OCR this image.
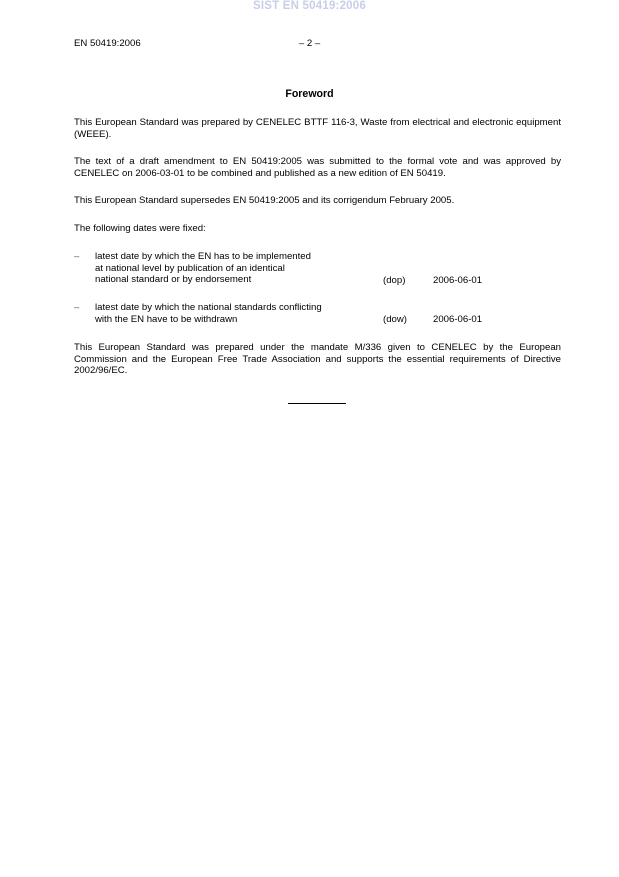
SIST EN 50419:2006
EN 50419:2006	– 2 –
Foreword

This European Standard was prepared by CENELEC BTTF 116-3, Waste from electrical and electronic equipment (WEEE).

The text of a draft amendment to EN 50419:2005 was submitted to the formal vote and was approved by CENELEC on 2006-03-01 to be combined and published as a new edition of EN 50419.

This European Standard supersedes EN 50419:2005 and its corrigendum February 2005.

The following dates were fixed:

– latest date by which the EN has to be implemented
at national level by publication of an identical
national standard or by endorsement	(dop)	2006-06-01
– latest date by which the national standards conflicting
with the EN have to be withdrawn	(dow)	2006-06-01

This European Standard was prepared under the mandate M/336 given to CENELEC by the European Commission and the European Free Trade Association and supports the essential requirements of Directive 2002/96/EC.
